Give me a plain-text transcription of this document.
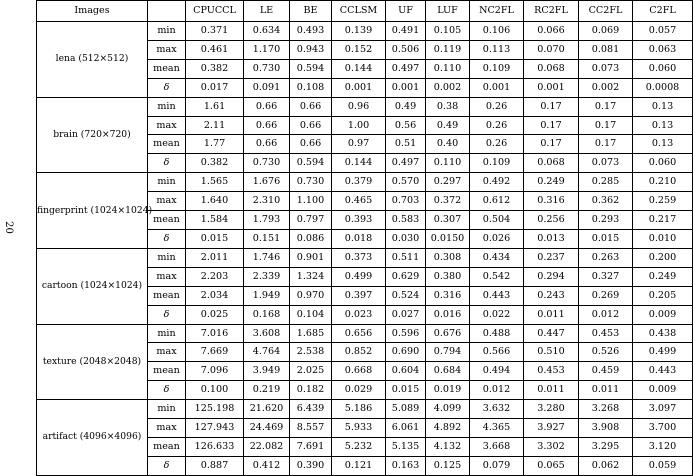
20
Images		CPUCCL	LE	BE	CCLSM	UF	LUF	NC2FL	RC2FL	CC2FL	C2FL
lena (512×512)	min	0.371	0.634	0.493	0.139	0.491	0.105	0.106	0.066	0.069	0.057
	max	0.461	1.170	0.943	0.152	0.506	0.119	0.113	0.070	0.081	0.063
	mean	0.382	0.730	0.594	0.144	0.497	0.110	0.109	0.068	0.073	0.060
	δ	0.017	0.091	0.108	0.001	0.001	0.002	0.001	0.001	0.002	0.0008
brain (720×720)	min	1.61	0.66	0.66	0.96	0.49	0.38	0.26	0.17	0.17	0.13
	max	2.11	0.66	0.66	1.00	0.56	0.49	0.26	0.17	0.17	0.13
	mean	1.77	0.66	0.66	0.97	0.51	0.40	0.26	0.17	0.17	0.13
	δ	0.382	0.730	0.594	0.144	0.497	0.110	0.109	0.068	0.073	0.060
fingerprint (1024×1024)	min	1.565	1.676	0.730	0.379	0.570	0.297	0.492	0.249	0.285	0.210
	max	1.640	2.310	1.100	0.465	0.703	0.372	0.612	0.316	0.362	0.259
	mean	1.584	1.793	0.797	0.393	0.583	0.307	0.504	0.256	0.293	0.217
	δ	0.015	0.151	0.086	0.018	0.030	0.0150	0.026	0.013	0.015	0.010
cartoon (1024×1024)	min	2.011	1.746	0.901	0.373	0.511	0.308	0.434	0.237	0.263	0.200
	max	2.203	2.339	1.324	0.499	0.629	0.380	0.542	0.294	0.327	0.249
	mean	2.034	1.949	0.970	0.397	0.524	0.316	0.443	0.243	0.269	0.205
	δ	0.025	0.168	0.104	0.023	0.027	0.016	0.022	0.011	0.012	0.009
texture (2048×2048)	min	7.016	3.608	1.685	0.656	0.596	0.676	0.488	0.447	0.453	0.438
	max	7.669	4.764	2.538	0.852	0.690	0.794	0.566	0.510	0.526	0.499
	mean	7.096	3.949	2.025	0.668	0.604	0.684	0.494	0.453	0.459	0.443
	δ	0.100	0.219	0.182	0.029	0.015	0.019	0.012	0.011	0.011	0.009
artifact (4096×4096)	min	125.198	21.620	6.439	5.186	5.089	4.099	3.632	3.280	3.268	3.097
	max	127.943	24.469	8.557	5.933	6.061	4.892	4.365	3.927	3.908	3.700
	mean	126.633	22.082	7.691	5.232	5.135	4.132	3.668	3.302	3.295	3.120
	δ	0.887	0.412	0.390	0.121	0.163	0.125	0.079	0.065	0.062	0.059
